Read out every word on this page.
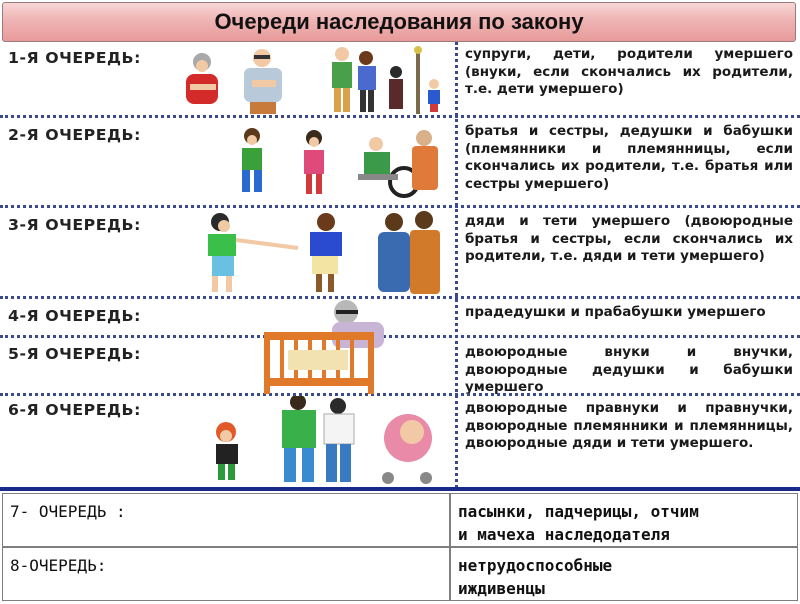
Очереди наследования по закону
1-Я ОЧЕРЕДЬ:	супруги, дети, родители умершего (внуки, если скончались их родители, т.е. дети умершего)
2-Я ОЧЕРЕДЬ:	братья и сестры, дедушки и бабушки (племянники и племянницы, если скончались их родители, т.е. братья или сестры умершего)
3-Я ОЧЕРЕДЬ:	дяди и тети умершего (двоюродные братья и сестры, если скончались их родители, т.е. дяди и тети умершего)
4-Я ОЧЕРЕДЬ:	прадедушки и прабабушки умершего
5-Я ОЧЕРЕДЬ:	двоюродные внуки и внучки, двоюродные дедушки и бабушки умершего
6-Я ОЧЕРЕДЬ:	двоюродные правнуки и правнучки, двоюродные племянники и племянницы, двоюродные дяди и тети умершего.
7- ОЧЕРЕДЬ :	пасынки, падчерицы, отчим
и мачеха наследодателя
8-ОЧЕРЕДЬ:	нетрудоспособные
иждивенцы
